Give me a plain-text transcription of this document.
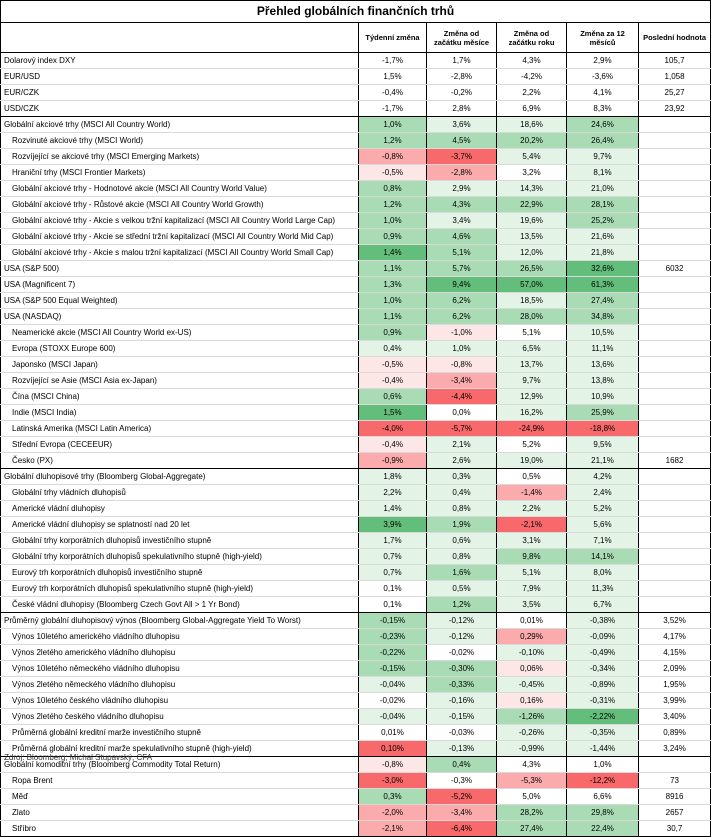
Přehled globálních finančních trhů					
	Týdenní změna	Změna od začátku měsíce	Změna od začátku roku	Změna za 12 měsíců	Poslední hodnota
Dolarový index DXY	-1,7%	1,7%	4,3%	2,9%	105,7
EUR/USD	1,5%	-2,8%	-4,2%	-3,6%	1,058
EUR/CZK	-0,4%	-0,2%	2,2%	4,1%	25,27
USD/CZK	-1,7%	2,8%	6,9%	8,3%	23,92
Globální akciové trhy (MSCI All Country World)	1,0%	3,6%	18,6%	24,6%	
Rozvinuté akciové trhy (MSCI World)	1,2%	4,5%	20,2%	26,4%	
Rozvíjející se akciové trhy (MSCI Emerging Markets)	-0,8%	-3,7%	5,4%	9,7%	
Hraniční trhy (MSCI Frontier Markets)	-0,5%	-2,8%	3,2%	8,1%	
Globální akciové trhy - Hodnotové akcie (MSCI All Country World Value)	0,8%	2,9%	14,3%	21,0%	
Globální akciové trhy - Růstové akcie (MSCI All Country World Growth)	1,2%	4,3%	22,9%	28,1%	
Globální akciové trhy - Akcie s velkou tržní kapitalizací (MSCI All Country World Large Cap)	1,0%	3,4%	19,6%	25,2%	
Globální akciové trhy - Akcie se střední tržní kapitalizací (MSCI All Country World Mid Cap)	0,9%	4,6%	13,5%	21,6%	
Globální akciové trhy - Akcie s malou tržní kapitalizací (MSCI All Country World Small Cap)	1,4%	5,1%	12,0%	21,8%	
USA (S&P 500)	1,1%	5,7%	26,5%	32,6%	6032
USA (Magnificent 7)	1,3%	9,4%	57,0%	61,3%	
USA (S&P 500 Equal Weighted)	1,0%	6,2%	18,5%	27,4%	
USA (NASDAQ)	1,1%	6,2%	28,0%	34,8%	
Neamerické akcie (MSCI All Country World ex-US)	0,9%	-1,0%	5,1%	10,5%	
Evropa (STOXX Europe 600)	0,4%	1,0%	6,5%	11,1%	
Japonsko (MSCI Japan)	-0,5%	-0,8%	13,7%	13,6%	
Rozvíjející se Asie (MSCI Asia ex-Japan)	-0,4%	-3,4%	9,7%	13,8%	
Čína (MSCI China)	0,6%	-4,4%	12,9%	10,9%	
Indie (MSCI India)	1,5%	0,0%	16,2%	25,9%	
Latinská Amerika (MSCI Latin America)	-4,0%	-5,7%	-24,9%	-18,8%	
Střední Evropa (CECEEUR)	-0,4%	2,1%	5,2%	9,5%	
Česko (PX)	-0,9%	2,6%	19,0%	21,1%	1682
Globální dluhopisové trhy (Bloomberg Global-Aggregate)	1,8%	0,3%	0,5%	4,2%	
Globální trhy vládních dluhopisů	2,2%	0,4%	-1,4%	2,4%	
Americké vládní dluhopisy	1,4%	0,8%	2,2%	5,2%	
Americké vládní dluhopisy se splatností nad 20 let	3,9%	1,9%	-2,1%	5,6%	
Globální trhy korporátních dluhopisů investičního stupně	1,7%	0,6%	3,1%	7,1%	
Globální trhy korporátních dluhopisů spekulativního stupně (high-yield)	0,7%	0,8%	9,8%	14,1%	
Eurový trh korporátních dluhopisů investičního stupně	0,7%	1,6%	5,1%	8,0%	
Eurový trh korporátních dluhopisů spekulativního stupně (high-yield)	0,1%	0,5%	7,9%	11,3%	
České vládní dluhopisy (Bloomberg Czech Govt All > 1 Yr Bond)	0,1%	1,2%	3,5%	6,7%	
Průměrný globální dluhopisový výnos (Bloomberg Global-Aggregate Yield To Worst)	-0,15%	-0,12%	0,01%	-0,38%	3,52%
Výnos 10letého amerického vládního dluhopisu	-0,23%	-0,12%	0,29%	-0,09%	4,17%
Výnos 2letého amerického vládního dluhopisu	-0,22%	-0,02%	-0,10%	-0,49%	4,15%
Výnos 10letého německého vládního dluhopisu	-0,15%	-0,30%	0,06%	-0,34%	2,09%
Výnos 2letého německého vládního dluhopisu	-0,04%	-0,33%	-0,45%	-0,89%	1,95%
Výnos 10letého českého vládního dluhopisu	-0,02%	-0,16%	0,16%	-0,31%	3,99%
Výnos 2letého českého vládního dluhopisu	-0,04%	-0,15%	-1,26%	-2,22%	3,40%
Průměrná globální kreditní marže investičního stupně	0,01%	-0,03%	-0,26%	-0,35%	0,89%
Průměrná globální kreditní marže spekulativního stupně (high-yield)	0,10%	-0,13%	-0,99%	-1,44%	3,24%
Globální komoditní trhy (Bloomberg Commodity Total Return)	-0,8%	0,4%	4,3%	1,0%	
Ropa Brent	-3,0%	-0,3%	-5,3%	-12,2%	73
Měď	0,3%	-5,2%	5,0%	6,6%	8916
Zlato	-2,0%	-3,4%	28,2%	29,8%	2657
Stříbro	-2,1%	-6,4%	27,4%	22,4%	30,7
Zdroj: Bloomberg; Michal Stupavský, CFA
